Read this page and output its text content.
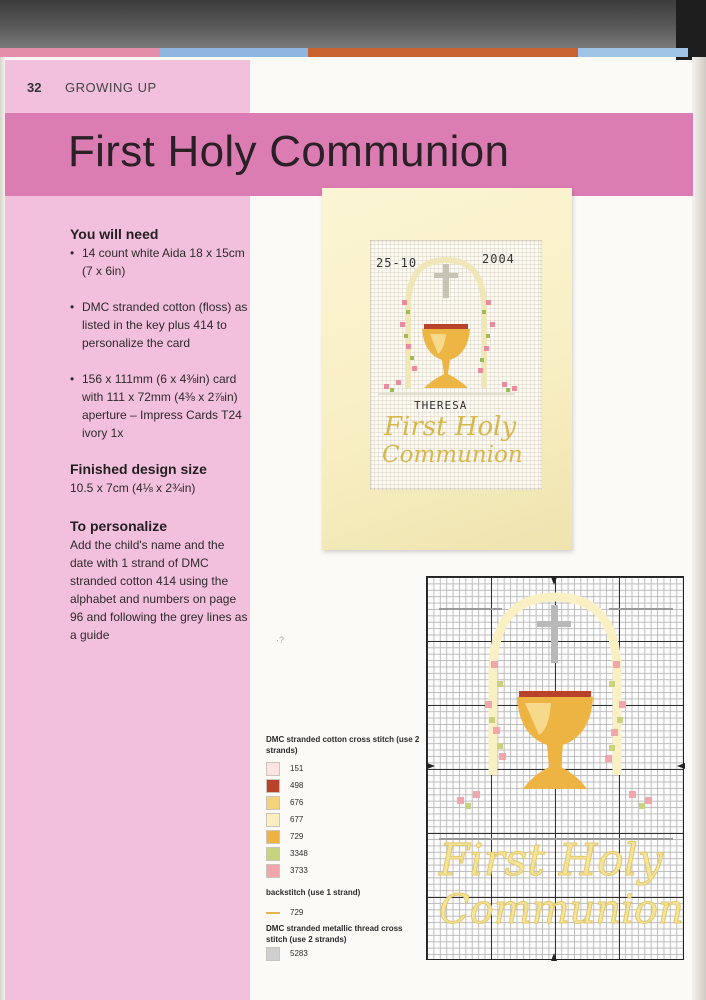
32 GROWING UP
First Holy Communion
You will need
• 14 count white Aida 18 x 15cm (7 x 6in)
• DMC stranded cotton (floss) as listed in the key plus 414 to personalize the card
• 156 x 111mm (6 x 4⅜in) card with 111 x 72mm (4⅜ x 2⅞in) aperture – Impress Cards T24 ivory 1x
Finished design size
10.5 x 7cm (4⅛ x 2¾in)
To personalize
Add the child's name and the date with 1 strand of DMC stranded cotton 414 using the alphabet and numbers on page 96 and following the grey lines as a guide
25-10	2004
THERESA
First Holy
Communion
·?
First Holy
Communion
DMC stranded cotton cross stitch (use 2 strands)
151
498
676
677
729
3348
3733
backstitch (use 1 strand)
729
DMC stranded metallic thread cross stitch (use 2 strands)
5283
